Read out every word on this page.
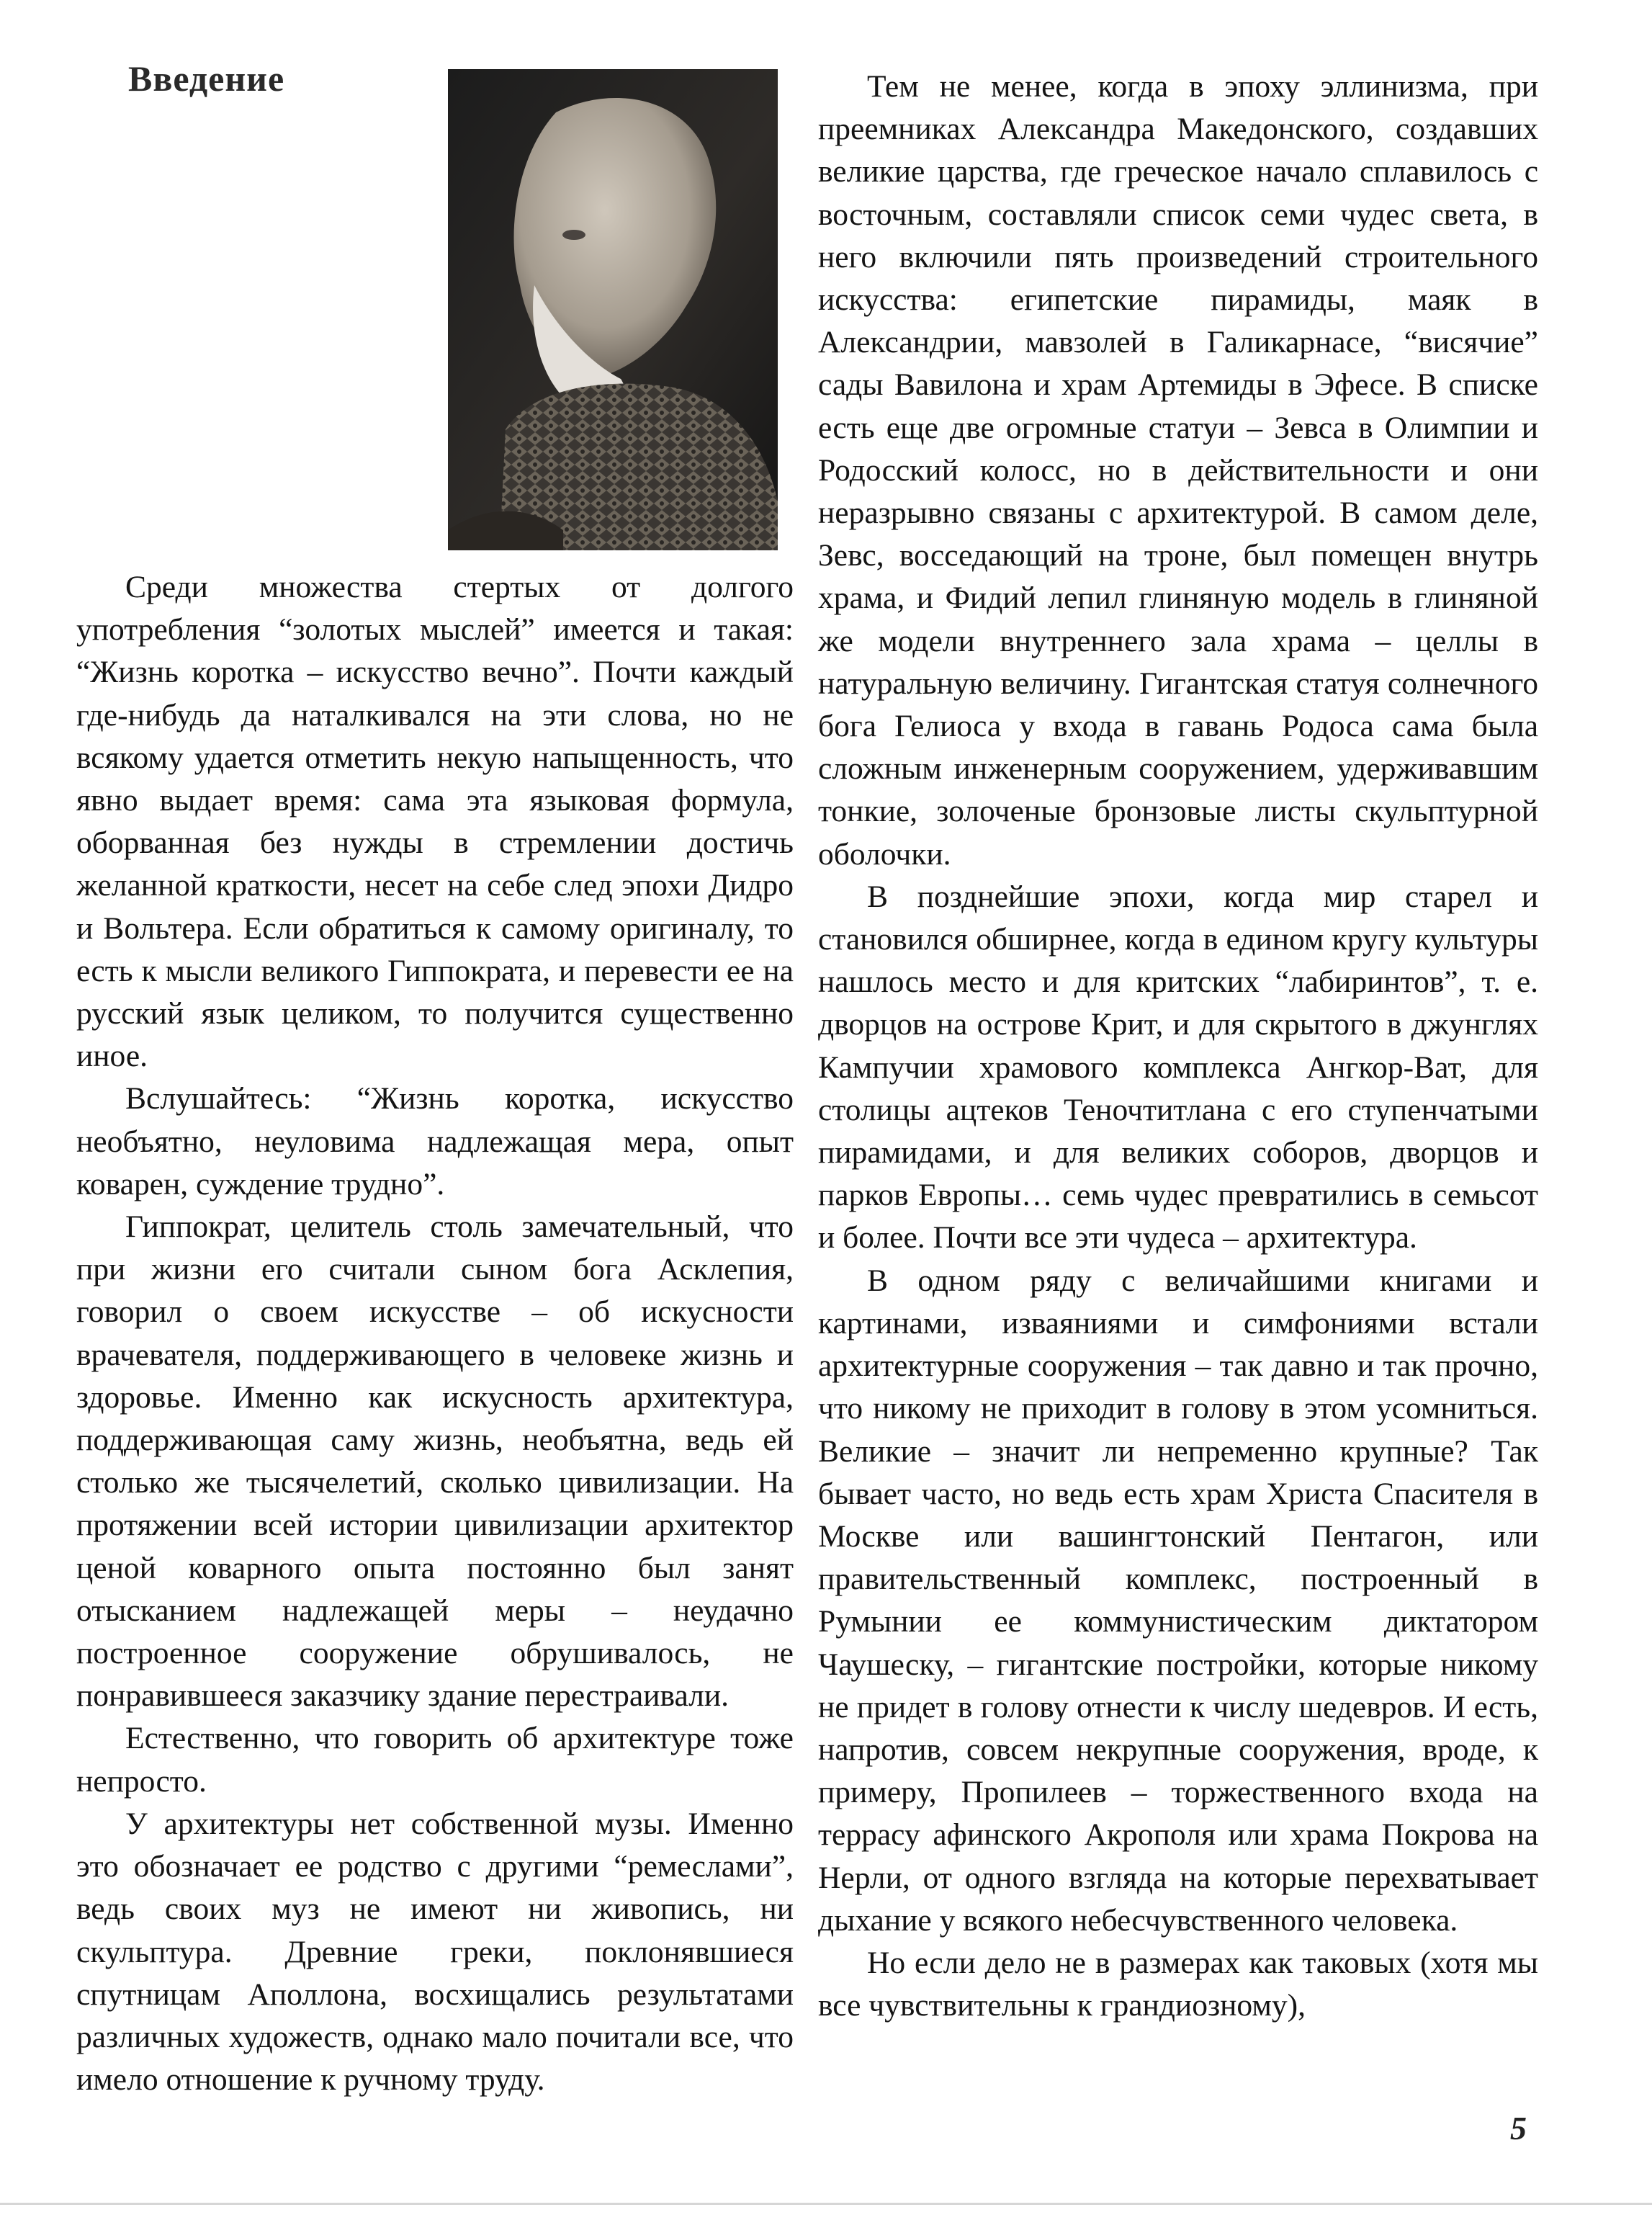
Введение

Среди множества стертых от долгого употребления “золотых мыслей” имеется и такая: “Жизнь коротка – искусство вечно”. Почти каждый где-нибудь да наталкивался на эти слова, но не всякому удается отметить некую напыщенность, что явно выдает время: сама эта языковая формула, оборванная без нужды в стремлении достичь желанной краткости, несет на себе след эпохи Дидро и Вольтера. Если обратиться к самому оригиналу, то есть к мысли великого Гиппократа, и перевести ее на русский язык целиком, то получится существенно иное.

Вслушайтесь: “Жизнь коротка, искусство необъятно, неуловима надлежащая мера, опыт коварен, суждение трудно”.

Гиппократ, целитель столь замечательный, что при жизни его считали сыном бога Асклепия, говорил о своем искусстве – об искусности врачевателя, поддерживающего в человеке жизнь и здоровье. Именно как искусность архитектура, поддерживающая саму жизнь, необъятна, ведь ей столько же тысячелетий, сколько цивилизации. На протяжении всей истории цивилизации архитектор ценой коварного опыта постоянно был занят отысканием надлежащей меры – неудачно построенное сооружение обрушивалось, не понравившееся заказчику здание перестраивали.

Естественно, что говорить об архитектуре тоже непросто.

У архитектуры нет собственной музы. Именно это обозначает ее родство с другими “ремеслами”, ведь своих муз не имеют ни живопись, ни скульптура. Древние греки, поклонявшиеся спутницам Аполлона, восхищались результатами различных художеств, однако мало почитали все, что имело отношение к ручному труду.

Тем не менее, когда в эпоху эллинизма, при преемниках Александра Македонского, создавших великие царства, где греческое начало сплавилось с восточным, составляли список семи чудес света, в него включили пять произведений строительного искусства: египетские пирамиды, маяк в Александрии, мавзолей в Галикарнасе, “висячие” сады Вавилона и храм Артемиды в Эфесе. В списке есть еще две огромные статуи – Зевса в Олимпии и Родосский колосс, но в действительности и они неразрывно связаны с архитектурой. В самом деле, Зевс, восседающий на троне, был помещен внутрь храма, и Фидий лепил глиняную модель в глиняной же модели внутреннего зала храма – целлы в натуральную величину. Гигантская статуя солнечного бога Гелиоса у входа в гавань Родоса сама была сложным инженерным сооружением, удерживавшим тонкие, золоченые бронзовые листы скульптурной оболочки.

В позднейшие эпохи, когда мир старел и становился обширнее, когда в едином кругу культуры нашлось место и для критских “лабиринтов”, т. е. дворцов на острове Крит, и для скрытого в джунглях Кампучии храмового комплекса Ангкор-Ват, для столицы ацтеков Теночтитлана с его ступенчатыми пирамидами, и для великих соборов, дворцов и парков Европы… семь чудес превратились в семьсот и более. Почти все эти чудеса – архитектура.

В одном ряду с величайшими книгами и картинами, изваяниями и симфониями встали архитектурные сооружения – так давно и так прочно, что никому не приходит в голову в этом усомниться. Великие – значит ли непременно крупные? Так бывает часто, но ведь есть храм Христа Спасителя в Москве или вашингтонский Пентагон, или правительственный комплекс, построенный в Румынии ее коммунистическим диктатором Чаушеску, – гигантские постройки, которые никому не придет в голову отнести к числу шедевров. И есть, напротив, совсем некрупные сооружения, вроде, к примеру, Пропилеев – торжественного входа на террасу афинского Акрополя или храма Покрова на Нерли, от одного взгляда на которые перехватывает дыхание у всякого небесчувственного человека.

Но если дело не в размерах как таковых (хотя мы все чувствительны к грандиозному),

5
